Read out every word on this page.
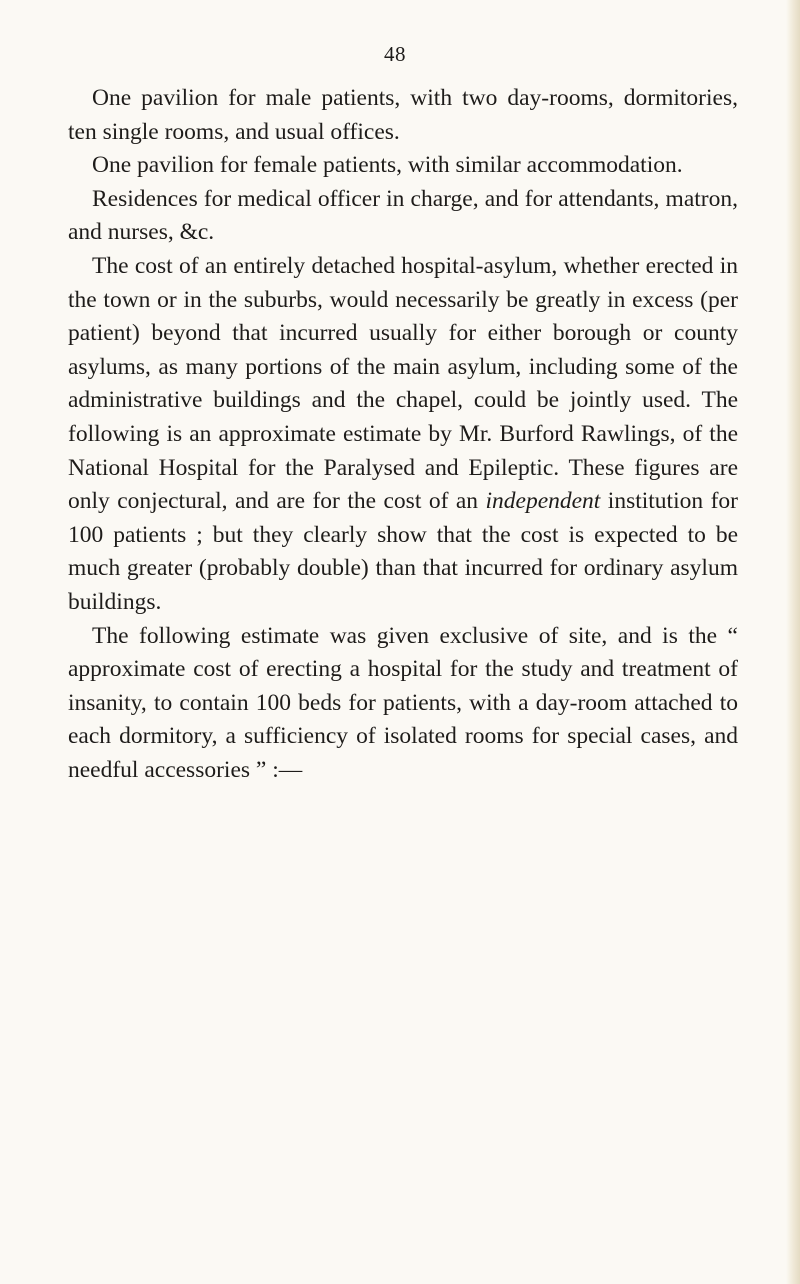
48

One pavilion for male patients, with two day-rooms, dormitories, ten single rooms, and usual offices.

One pavilion for female patients, with similar accommodation.

Residences for medical officer in charge, and for attendants, matron, and nurses, &c.

The cost of an entirely detached hospital-asylum, whether erected in the town or in the suburbs, would necessarily be greatly in excess (per patient) beyond that incurred usually for either borough or county asylums, as many portions of the main asylum, including some of the administrative buildings and the chapel, could be jointly used. The following is an approximate estimate by Mr. Burford Rawlings, of the National Hospital for the Paralysed and Epileptic. These figures are only conjectural, and are for the cost of an independent institution for 100 patients ; but they clearly show that the cost is expected to be much greater (probably double) than that incurred for ordinary asylum buildings.

The following estimate was given exclusive of site, and is the “ approximate cost of erecting a hospital for the study and treatment of insanity, to contain 100 beds for patients, with a day-room attached to each dormitory, a sufficiency of isolated rooms for special cases, and needful accessories ” :—
